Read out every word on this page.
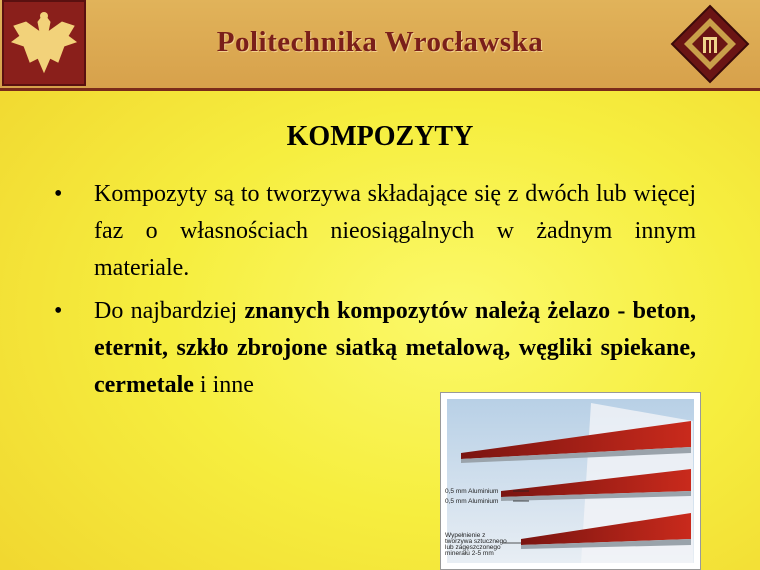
Politechnika Wrocławska
KOMPOZYTY
• Kompozyty są to tworzywa składające się z dwóch lub więcej faz o własnościach nieosiągalnych w żadnym innym materiale.
• Do najbardziej znanych kompozytów należą żelazo - beton, eternit, szkło zbrojone siatką metalową, węgliki spiekane, cermetale i inne
0,5 mm Aluminium
0,5 mm Aluminium
Wypełnienie z tworzywa sztucznego lub zagęszczonego minerału 2-5 mm
